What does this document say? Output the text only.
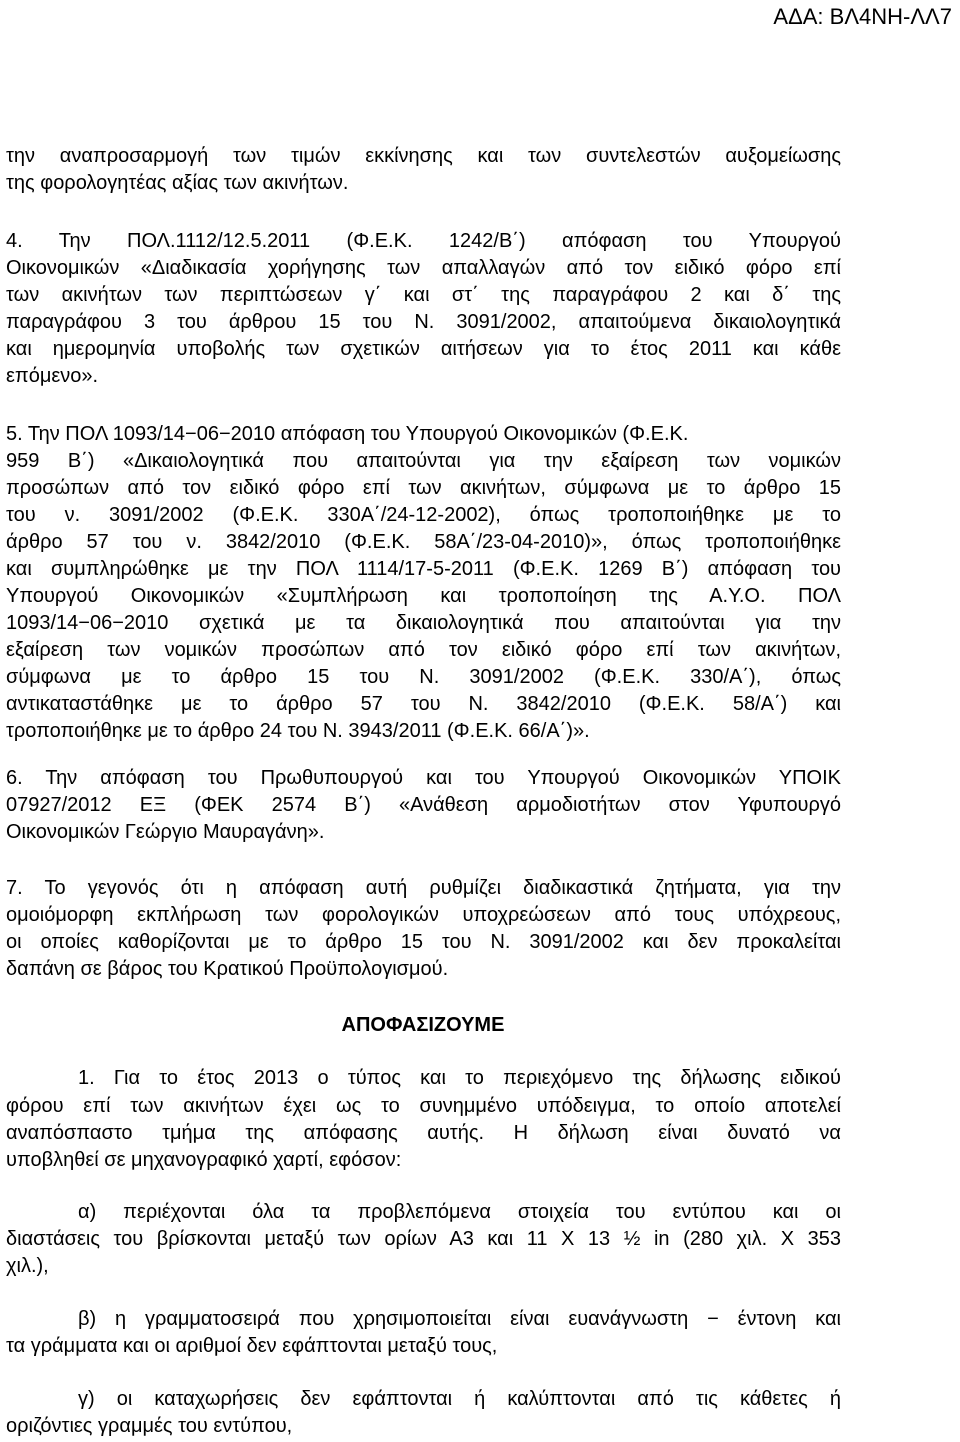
ΑΔΑ: ΒΛ4ΝΗ-ΛΛ7
την αναπροσαρμογή των τιμών εκκίνησης και των συντελεστών αυξομείωσης
της φορολογητέας αξίας των ακινήτων.
4. Την ΠΟΛ.1112/12.5.2011 (Φ.Ε.Κ. 1242/Β΄) απόφαση του Υπουργού
Οικονομικών «Διαδικασία χορήγησης των απαλλαγών από τον ειδικό φόρο επί
των ακινήτων των περιπτώσεων γ΄ και στ΄ της παραγράφου 2 και δ΄ της
παραγράφου 3 του άρθρου 15 του Ν. 3091/2002, απαιτούμενα δικαιολογητικά
και ημερομηνία υποβολής των σχετικών αιτήσεων για το έτος 2011 και κάθε
επόμενο».
5. Την ΠΟΛ 1093/14−06−2010 απόφαση του Υπουργού Οικονομικών (Φ.Ε.Κ.
959 Β΄) «Δικαιολογητικά που απαιτούνται για την εξαίρεση των νομικών
προσώπων από τον ειδικό φόρο επί των ακινήτων, σύμφωνα με το άρθρο 15
του ν. 3091/2002 (Φ.Ε.Κ. 330Α΄/24-12-2002), όπως τροποποιήθηκε με το
άρθρο 57 του ν. 3842/2010 (Φ.Ε.Κ. 58Α΄/23-04-2010)», όπως τροποποιήθηκε
και συμπληρώθηκε με την ΠΟΛ 1114/17-5-2011 (Φ.Ε.Κ. 1269 Β΄) απόφαση του
Υπουργού Οικονομικών «Συμπλήρωση και τροποποίηση της Α.Υ.Ο. ΠΟΛ
1093/14−06−2010 σχετικά με τα δικαιολογητικά που απαιτούνται για την
εξαίρεση των νομικών προσώπων από τον ειδικό φόρο επί των ακινήτων,
σύμφωνα με το άρθρο 15 του Ν. 3091/2002 (Φ.Ε.Κ. 330/Α΄), όπως
αντικαταστάθηκε με το άρθρο 57 του Ν. 3842/2010 (Φ.Ε.Κ. 58/Α΄) και
τροποποιήθηκε με το άρθρο 24 του Ν. 3943/2011 (Φ.Ε.Κ. 66/Α΄)».
6. Την απόφαση του Πρωθυπουργού και του Υπουργού Οικονομικών ΥΠΟΙΚ
07927/2012 ΕΞ (ΦΕΚ 2574 Β΄) «Ανάθεση αρμοδιοτήτων στον Υφυπουργό
Οικονομικών Γεώργιο Μαυραγάνη».
7. Το γεγονός ότι η απόφαση αυτή ρυθμίζει διαδικαστικά ζητήματα, για την
ομοιόμορφη εκπλήρωση των φορολογικών υποχρεώσεων από τους υπόχρεους,
οι οποίες καθορίζονται με το άρθρο 15 του Ν. 3091/2002 και δεν προκαλείται
δαπάνη σε βάρος του Κρατικού Προϋπολογισμού.
ΑΠΟΦΑΣΙΖΟΥΜΕ
1. Για το έτος 2013 ο τύπος και το περιεχόμενο της δήλωσης ειδικού
φόρου επί των ακινήτων έχει ως το συνημμένο υπόδειγμα, το οποίο αποτελεί
αναπόσπαστο τμήμα της απόφασης αυτής. Η δήλωση είναι δυνατό να
υποβληθεί σε μηχανογραφικό χαρτί, εφόσον:
α) περιέχονται όλα τα προβλεπόμενα στοιχεία του εντύπου και οι
διαστάσεις του βρίσκονται μεταξύ των ορίων Α3 και 11 Χ 13 ½ in (280 χιλ. Χ 353
χιλ.),
β) η γραμματοσειρά που χρησιμοποιείται είναι ευανάγνωστη − έντονη και
τα γράμματα και οι αριθμοί δεν εφάπτονται μεταξύ τους,
γ) οι καταχωρήσεις δεν εφάπτονται ή καλύπτονται από τις κάθετες ή
οριζόντιες γραμμές του εντύπου,
